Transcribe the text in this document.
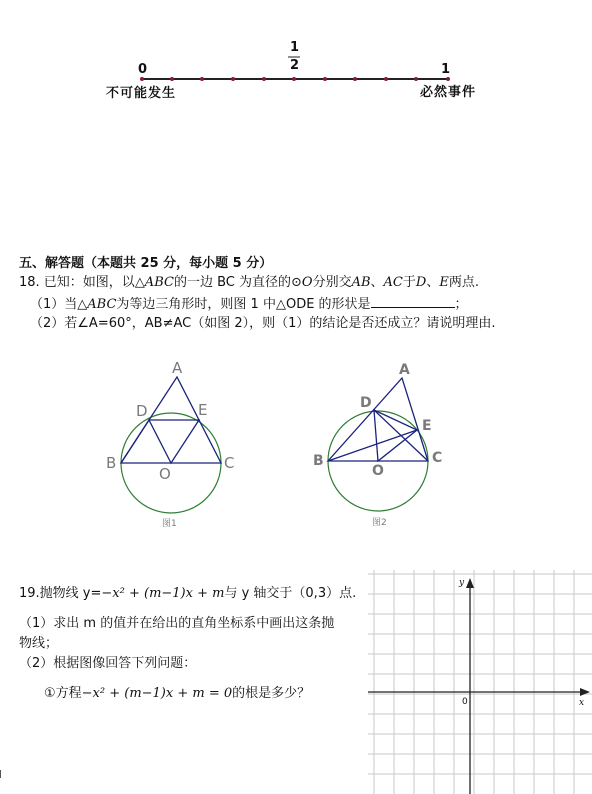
0	1
1
2
不可能发生	必然事件
五、解答题（本题共 25 分，每小题 5 分）
18. 已知：如图，以△ABC的一边 BC 为直径的⊙O分别交AB、AC于D、E两点.
（1）当△ABC为等边三角形时，则图 1 中△ODE 的形状是	；
（2）若∠A=60°，AB≠AC（如图 2），则（1）的结论是否还成立？请说明理由.
A
D	E
B	C
O
图1
A
D
E
B	C
O
图2
19.抛物线 y=−x² + (m−1)x + m与 y 轴交于（0,3）点.
（1）求出 m 的值并在给出的直角坐标系中画出这条抛
物线；
（2）根据图像回答下列问题：
①方程−x² + (m−1)x + m = 0的根是多少？
y
x
0
